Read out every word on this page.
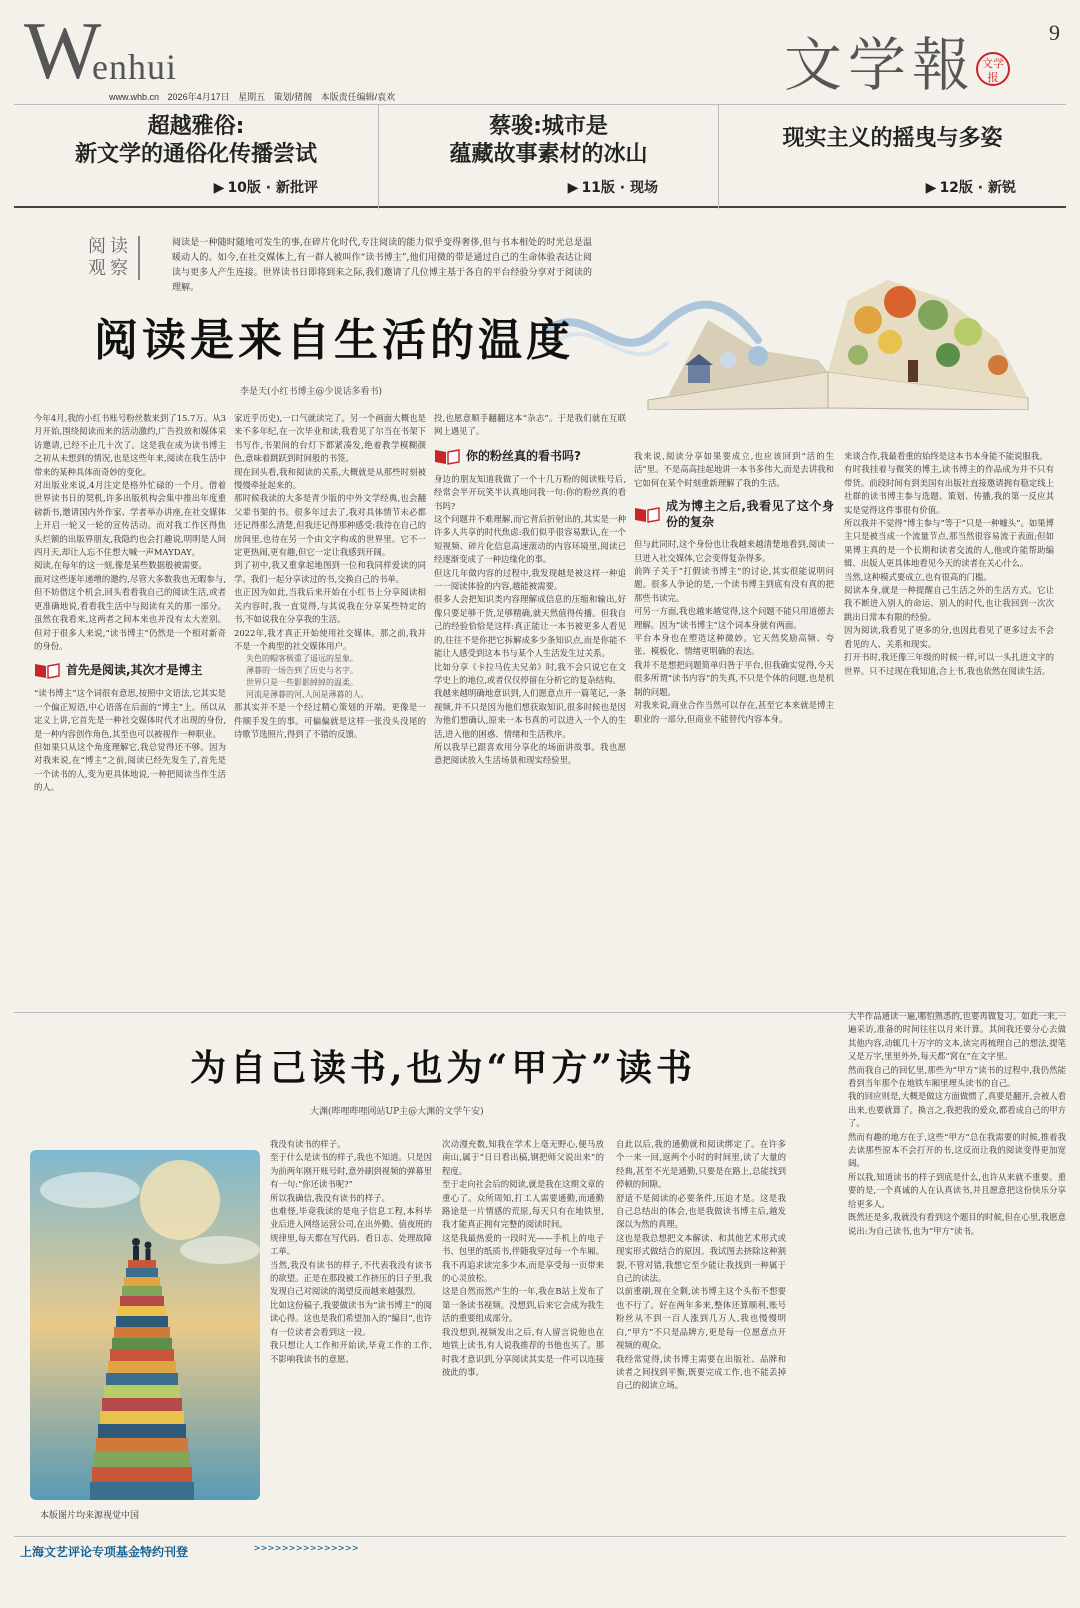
W
enhui
www.whb.cn 2026年4月17日 星期五 策划/猪阁 本版责任编辑/袁欢	文学報 文学报
9
超越雅俗:
新文学的通俗化传播尝试
▶ 10版 · 新批评
蔡骏:城市是
蕴藏故事素材的冰山
▶ 11版 · 现场
现实主义的摇曳与多姿
▶ 12版 · 新锐
阅读观察
阅读是一种随时随地可发生的事,在碎片化时代,专注阅读的能力似乎变得奢侈,但与书本相处的时光总是温暖动人的。如今,在社交媒体上,有一群人被叫作“读书博主”,他们用微的带是通过自己的生命体验表达让阅读与更多人产生连接。世界读书日即将到来之际,我们邀请了几位博主基于各自的平台经验分享对于阅读的理解。
阅读是来自生活的温度
李是天(小红书博主@少说话多看书)

今年4月,我的小红书账号粉丝数来到了15.7万。从3月开始,围绕阅读而来的活动激约,广告投放和媒体采访邀请,已经不止几十次了。这是我在成为读书博主之初从未想到的情况,也是这些年来,阅读在我生活中带来的某种具体而奇妙的变化。

对出版业来说,4月注定是格外忙碌的一个月。借着世界读书日的契机,许多出版机构会集中推出年度重磅新书,邀请国内外作家、学者举办讲座,在社交媒体上开启一轮又一轮的宣传活动。而对我工作区得焦头烂额的出版界朋友,我隐约也会打趣说,明明是人间四月天,却让人忘不住想大喊一声MAYDAY。

阅读,在每年的这一刻,像是某些数据般被需要。

面对这些逐年递增的邀约,尽管大多数我也无暇参与,但不妨借这个机会,回头看看我自己的阅读生活,或者更准确地说,看看我生活中与阅读有关的那一部分。虽然在我看来,这两者之间本来也并没有太大差别。但对于很多人来说,“读书博主”仍然是一个相对新奇的身份。

首先是阅读,其次才是博主

“读书博主”这个词很有意思,按照中文语法,它其实是一个偏正短语,中心语落在后面的“博主”上。所以从定义上讲,它首先是一种社交媒体时代才出现的身份,是一种内容创作角色,其至也可以被视作一种职业。

但如果只从这个角度理解它,我总觉得还不够。因为对我来说,在“博主”之前,阅读已经先发生了,首先是一个读书的人,变为更具体地说,一种把阅读当作生活的人。

家近乎历史),一口气就读完了。另一个画面大概也是来不多年纪,在一次毕业和读,我看见了尔当在书架下书写作,书架间的台灯下都紧凑发,绝着教学模糊颜色,意味着跳跃到时间般的书签。

现在回头看,我和阅读的关系,大概就是从那些时刻被慢慢牵扯起来的。

那时候我读的大多是青少版的中外文学经典,也会翻父辈书架的书。很多年过去了,我对具体情节未必都还记得那么清楚,但我还记得那种感受:我待在自己的房间里,也待在另一个由文字构成的世界里。它不一定更热闹,更有趣,但它一定让我感到开阔。

到了初中,我又重拿起地图到一位和我同样爱读的同学。我们一起分享读过的书,交换自己的书单。

也正因为如此,当我后来开始在小红书上分享阅读相关内容时,我一直觉得,与其说我在分享某些特定的书,不如说我在分享我的生活。

2022年,我才真正开始使用社交媒体。那之前,我并不是一个典型的社交媒体用户。

失色的帽客极重了遥远的星象。
薄暮的一场告到了历史与名字。
世界只是一些影影綽綽的温柔。
河流是薄暮的河,人间是薄暮的人。

那其实并不是一个经过精心策划的开端。更像是一件顺手发生的事。可偏偏就是这样一张没头没尾的诗歌节选照片,得到了不错的反馈。

投,也愿意顺手翻翻这本“杂志”。于是我们就在互联网上遇见了。

你的粉丝真的看书吗?

身边的朋友知道我做了一个十几万粉的阅读账号后,经常会半开玩笑半认真地问我一句:你的粉丝真的看书吗?

这个问题并不难理解,而它背后折射出的,其实是一种许多人共享的时代焦虑:我们似乎很容易默认,在一个短视频、碎片化信息高速滚动的内容环境里,阅读已经逐渐变成了一种边缘化的事。

但这几年做内容的过程中,我发现越是被这样一种追一一阅读体验的内容,越能被需要。

很多人会把知识类内容理解成信息的压缩和输出,好像只要足够干货,足够精确,就天然值得传播。但我自己的经验恰恰是这样:真正能让一本书被更多人看见的,往往不是你把它拆解成多少条知识点,而是你能不能让人感受到这本书与某个人生活发生过关系。

比如分享《卡拉马佐夫兄弟》时,我不会只说它在文学史上的地位,或者仅仅停留在分析它的复杂结构。

我越来越明确地意识到,人们愿意点开一篇笔记,一条视频,并不只是因为他们想获取知识,很多时候也是因为他们想确认,原来一本书真的可以进入一个人的生活,进入他的困惑、情绪和生活秩序。

所以我早已跟喜欢用分享化的场面讲故事。我也愿意把阅读放入生活场景和现实经验里。

我来说,阅读分享如果要成立,也应该回到“活的生活”里。不是高高挂起地讲一本书多伟大,而是去讲我和它如何在某个时刻重新理解了我的生活。

成为博主之后,我看见了这个身份的复杂

但与此同时,这个身份也让我越来越清楚地看到,阅读一旦进入社交媒体,它会变得复杂得多。

前阵子关于“打假读书博主”的讨论,其实很能说明问题。很多人争论的是,一个读书博主到底有没有真的把那些书读完。

可另一方面,我也越来越觉得,这个问题不能只用道德去理解。因为“读书博主”这个词本身就有两面。

平台本身也在塑造这种微妙。它天然奖励高频、夸张、模板化、情绪更明确的表达。

我并不是想把问题简单归咎于平台,但我确实觉得,今天很多所谓“读书内容”的失真,不只是个体的问题,也是机制的问题。

对我来说,商业合作当然可以存在,甚至它本来就是博主职业的一部分,但商业不能替代内容本身。

来谈合作,我最看重的始终是这本书本身能不能说服我。

有时我挂着与微笑的博主,读书博主的作品成为并不只有带货。前段时间有到美国有出版社直接邀请拥有稳定线上社群的读书博主参与选题、策划、传播,我的第一反应其实是觉得这件事很有价值。

所以我并不觉得“博主参与”等于“只是一种噱头”。如果博主只是被当成一个流量节点,那当然很容易流于表面;但如果博主真的是一个长期和读者交流的人,他或许能帮助编辑、出版人更具体地看见今天的读者在关心什么。

当然,这种模式要成立,也有很高的门槛。

阅读本身,就是一种提醒自己生活之外的生活方式。它让我不断进入别人的命运、别人的时代,也让我回到一次次跳出日常本有限的经验。

因为阅读,我看见了更多的分,也因此看见了更多过去不会看见的人、关系和现实。

打开书时,我还像三年级的时候一样,可以一头扎进文字的世界。只不过现在我知道,合上书,我也依然在阅读生活。

为自己读书,也为“甲方”读书
大渊(哔哩哔哩网站UP主@大渊的文学午安)
本版图片均来源视觉中国

我没有读书的样子。

至于什么是读书的样子,我也不知道。只是因为前两年刚开账号时,意外刷到视频的弹幕里有一句:“你还读书呢?”

所以我确信,我没有读书的样子。

也难怪,毕竟我读的是电子信息工程,本科毕业后进入网络运营公司,在出外勤、值夜班的规律里,每天都在写代码、看日志、处理故障工单。

当然,我没有读书的样子,不代表我没有读书的欲望。正是在那段被工作挤压的日子里,我发现自己对阅读的渴望反而越来越强烈。

比如这份稿子,我要做读书为“读书博主”的阅读心得。这也是我们希望加入的“编目”,也许有一位读者会看到这一段。

我只想让人工作和开始读,毕竟工作的工作,不影响我读书的意愿。

次动漫充数,知我在学术上毫无野心,便马放南山,属于“日日看出稿,钢把师父说出来”的程度。

至于走向社会后的阅读,就是我在这期文章的重心了。众所周知,打工人需要通勤,而通勤路途是一片情感的荒原,每天只有在地铁里,我才能真正拥有完整的阅读时间。

这是我最热爱的一段时光——手机上的电子书、包里的纸质书,伴随我穿过每一个车厢。我不再追求读完多少本,而是享受每一页带来的心灵放松。

这是自然而然产生的一年,我在B站上发布了第一条读书视频。没想到,后来它会成为我生活的重要组成部分。

我没想到,视频发出之后,有人留言说他也在地铁上读书,有人说我推荐的书他也买了。那时我才意识到,分享阅读其实是一件可以连接彼此的事。

自此以后,我的通勤就和阅读绑定了。在许多个一来一回,返两个小时的时间里,读了大量的经典,甚至不光是通勤,只要是在路上,总能找到停顿的间隙。

舒适不是阅读的必要条件,压迫才是。这是我自己总结出的体会,也是我做读书博主后,越发深以为然的真理。

这也是我总想把文本解读、和其他艺术形式或现实形式做结合的原因。我试图去挤除这种割裂,不管对错,我想它至少能让我找到一种属于自己的读法。

以前重刷,现在全剩,读书博主这个头衔不想要也不行了。好在两年多来,整体还算顺利,账号粉丝从不到一百人涨到几万人,我也慢慢明白,“甲方”不只是品牌方,更是每一位愿意点开视频的观众。

我经常觉得,读书博主需要在出版社、品牌和读者之间找到平衡,既要完成工作,也不能丢掉自己的阅读立场。

大半作品通读一遍,哪怕熟悉的,也要再做复习。如此一来,一遍采访,准备的时间往往以月来计算。其间我还要分心去做其他内容,动辄几十万字的文本,读完再梳理自己的想法,提笔又是万字,里里外外,每天都“窝在”在文字里。

然而我自己的回忆里,那些为“甲方”读书的过程中,我仍然能看到当年那个在地铁车厢里埋头读书的自己。

我的回应则是,大概是做这方面做惯了,真要是翻开,会被人看出来,也要就算了。换言之,我把我的爱众,都看成自己的甲方了。

然而有趣的地方在于,这些“甲方”总在我需要的时候,推着我去读那些原本不会打开的书,这反而让我的阅读变得更加宽阔。

所以我,知道读书的样子到底是什么,也许从来就不重要。重要的是,一个真诚的人在认真读书,并且愿意把这份快乐分享给更多人。

既然还是多,我就没有看到这个题目的时候,但在心里,我愿意说出:为自己读书,也为“甲方”读书。

上海文艺评论专项基金特约刊登	>>>>>>>>>>>>>>>
